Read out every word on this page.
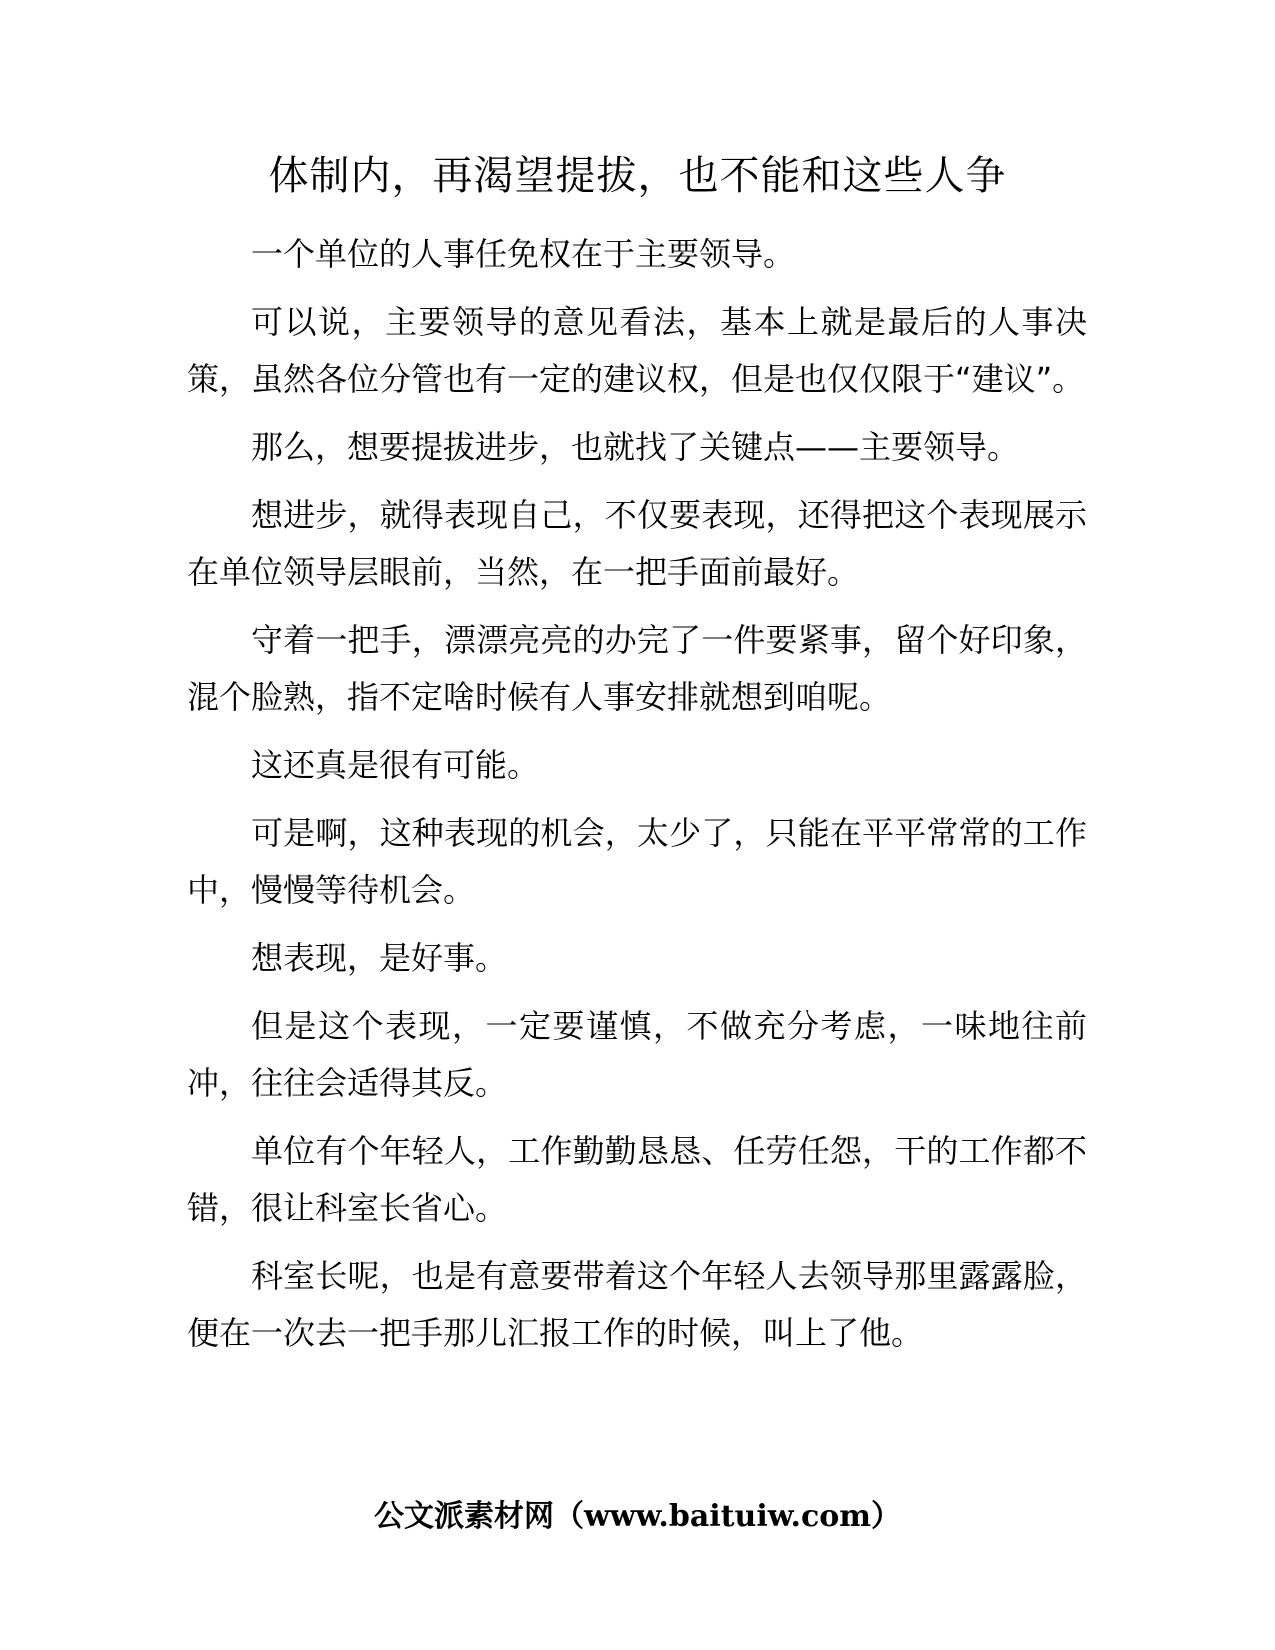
体制内，再渴望提拔，也不能和这些人争

一个单位的人事任免权在于主要领导。

可以说，主要领导的意见看法，基本上就是最后的人事决策，虽然各位分管也有一定的建议权，但是也仅仅限于“建议”。

那么，想要提拔进步，也就找了关键点——主要领导。

想进步，就得表现自己，不仅要表现，还得把这个表现展示在单位领导层眼前，当然，在一把手面前最好。

守着一把手，漂漂亮亮的办完了一件要紧事，留个好印象，混个脸熟，指不定啥时候有人事安排就想到咱呢。

这还真是很有可能。

可是啊，这种表现的机会，太少了，只能在平平常常的工作中，慢慢等待机会。

想表现，是好事。

但是这个表现，一定要谨慎，不做充分考虑，一味地往前冲，往往会适得其反。

单位有个年轻人，工作勤勤恳恳、任劳任怨，干的工作都不错，很让科室长省心。

科室长呢，也是有意要带着这个年轻人去领导那里露露脸，便在一次去一把手那儿汇报工作的时候，叫上了他。

公文派素材网（www.baituiw.com）
